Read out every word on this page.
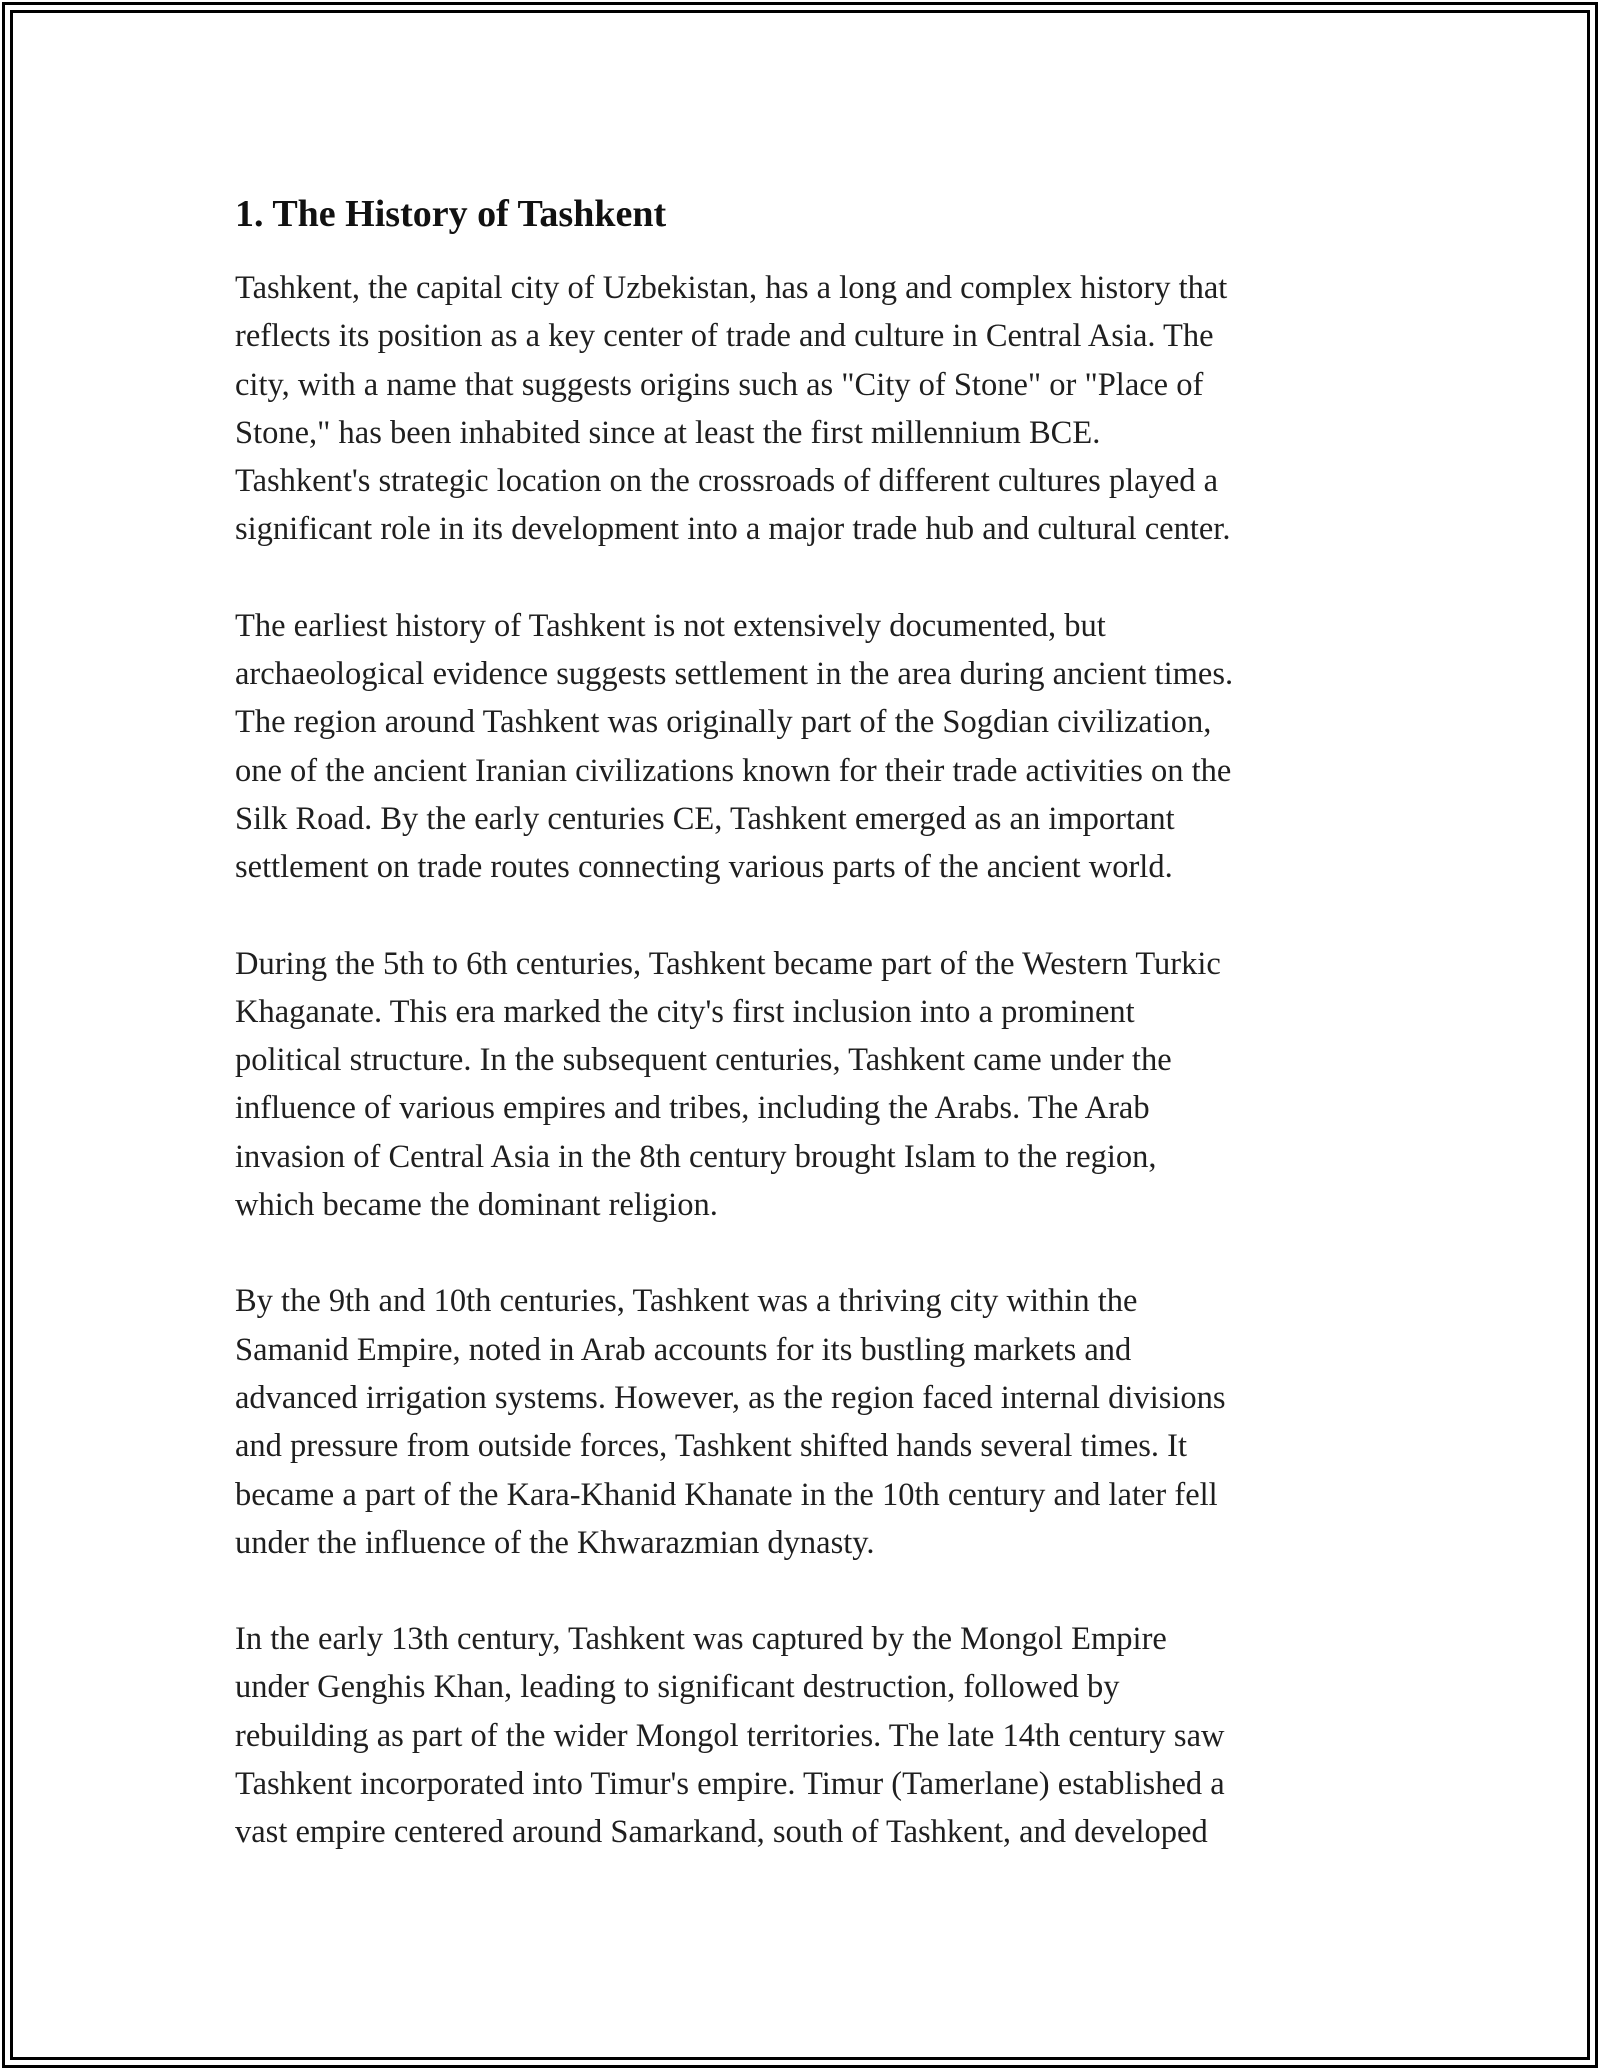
1. The History of Tashkent

Tashkent, the capital city of Uzbekistan, has a long and complex history that
reflects its position as a key center of trade and culture in Central Asia. The
city, with a name that suggests origins such as "City of Stone" or "Place of
Stone," has been inhabited since at least the first millennium BCE.
Tashkent's strategic location on the crossroads of different cultures played a
significant role in its development into a major trade hub and cultural center.

The earliest history of Tashkent is not extensively documented, but
archaeological evidence suggests settlement in the area during ancient times.
The region around Tashkent was originally part of the Sogdian civilization,
one of the ancient Iranian civilizations known for their trade activities on the
Silk Road. By the early centuries CE, Tashkent emerged as an important
settlement on trade routes connecting various parts of the ancient world.

During the 5th to 6th centuries, Tashkent became part of the Western Turkic
Khaganate. This era marked the city's first inclusion into a prominent
political structure. In the subsequent centuries, Tashkent came under the
influence of various empires and tribes, including the Arabs. The Arab
invasion of Central Asia in the 8th century brought Islam to the region,
which became the dominant religion.

By the 9th and 10th centuries, Tashkent was a thriving city within the
Samanid Empire, noted in Arab accounts for its bustling markets and
advanced irrigation systems. However, as the region faced internal divisions
and pressure from outside forces, Tashkent shifted hands several times. It
became a part of the Kara-Khanid Khanate in the 10th century and later fell
under the influence of the Khwarazmian dynasty.

In the early 13th century, Tashkent was captured by the Mongol Empire
under Genghis Khan, leading to significant destruction, followed by
rebuilding as part of the wider Mongol territories. The late 14th century saw
Tashkent incorporated into Timur's empire. Timur (Tamerlane) established a
vast empire centered around Samarkand, south of Tashkent, and developed
